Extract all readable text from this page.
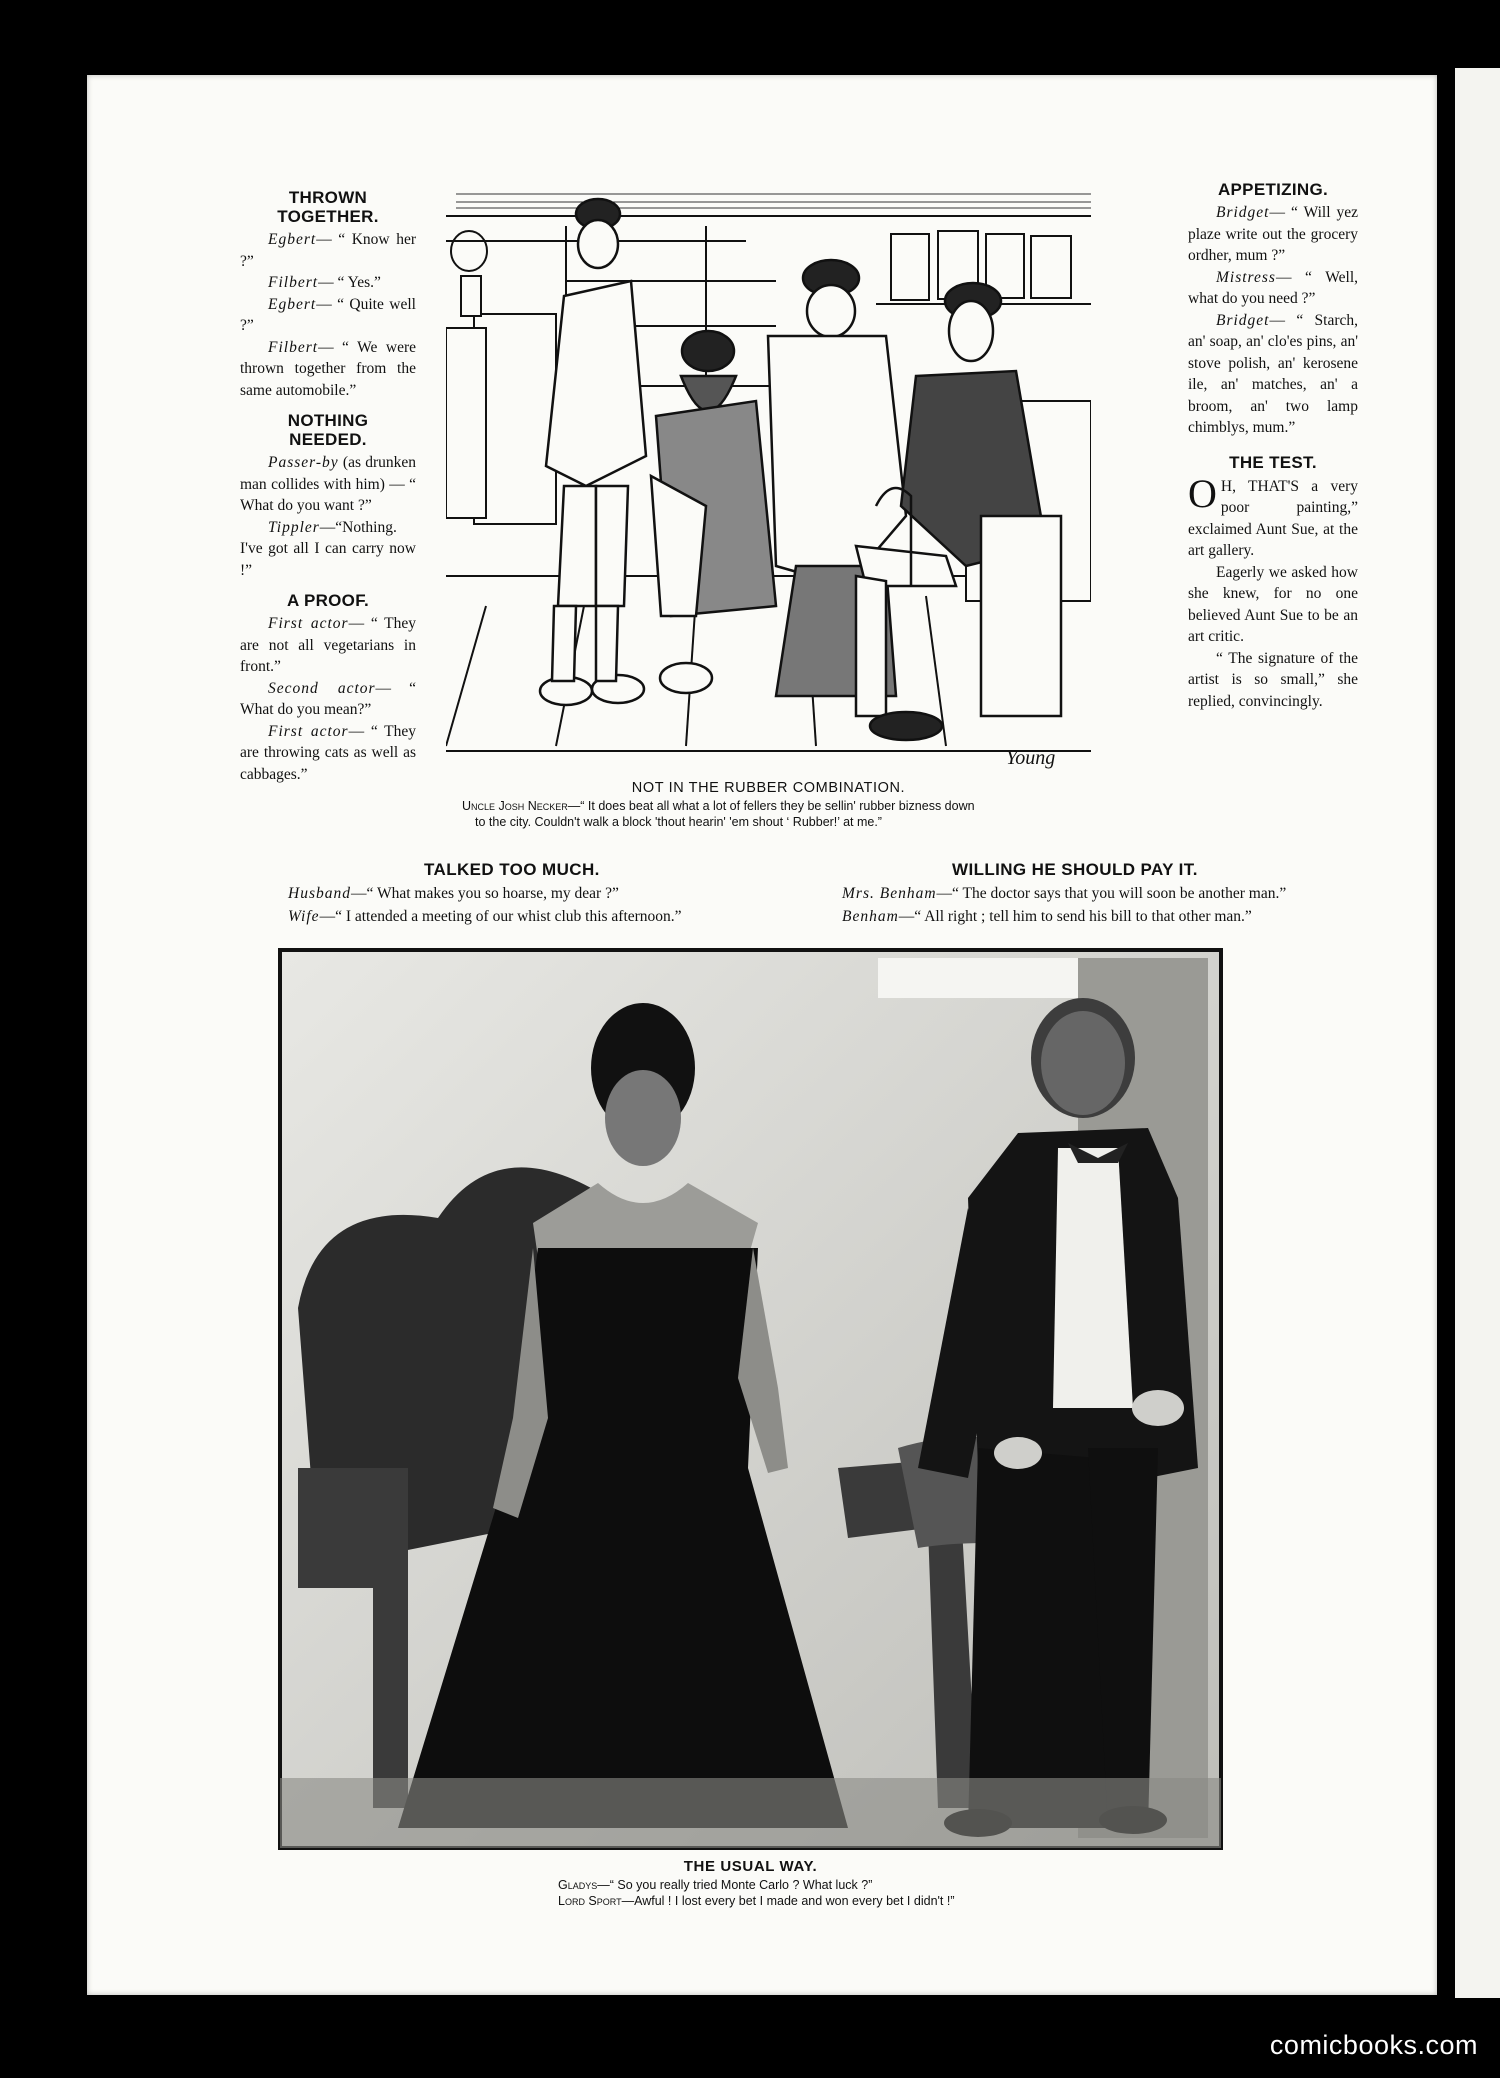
THROWN
TOGETHER.

Egbert— “ Know her ?”

Filbert— “ Yes.”

Egbert— “ Quite well ?”

Filbert— “ We were thrown together from the same automobile.”

NOTHING
NEEDED.

Passer-by (as drunken man collides with him) — “ What do you want ?”

Tippler—“Nothing. I've got all I can carry now !”

A PROOF.

First actor— “ They are not all vegetarians in front.”

Second actor— “ What do you mean?”

First actor— “ They are throwing cats as well as cabbages.”

Young
NOT IN THE RUBBER COMBINATION.
Uncle Josh Necker—“ It does beat all what a lot of fellers they be sellin' rubber bizness down
to the city. Couldn't walk a block 'thout hearin' 'em shout ‘ Rubber!’ at me.”
APPETIZING.

Bridget— “ Will yez plaze write out the grocery ordher, mum ?”

Mistress— “ Well, what do you need ?”

Bridget— “ Starch, an' soap, an' clo'es pins, an' stove polish, an' kerosene ile, an' matches, an' a broom, an' two lamp chimblys, mum.”

THE TEST.

O H, THAT'S a very poor painting,” exclaimed Aunt Sue, at the art gallery.

Eagerly we asked how she knew, for no one believed Aunt Sue to be an art critic.

“ The signature of the artist is so small,” she replied, convincingly.

TALKED TOO MUCH.
Husband—“ What makes you so hoarse, my dear ?”
Wife—“ I attended a meeting of our whist club this afternoon.”
WILLING HE SHOULD PAY IT.
Mrs. Benham—“ The doctor says that you will soon be another man.”
Benham—“ All right ; tell him to send his bill to that other man.”
THE USUAL WAY.
Gladys—“ So you really tried Monte Carlo ? What luck ?”
Lord Sport—Awful ! I lost every bet I made and won every bet I didn't !”
comicbooks.com
